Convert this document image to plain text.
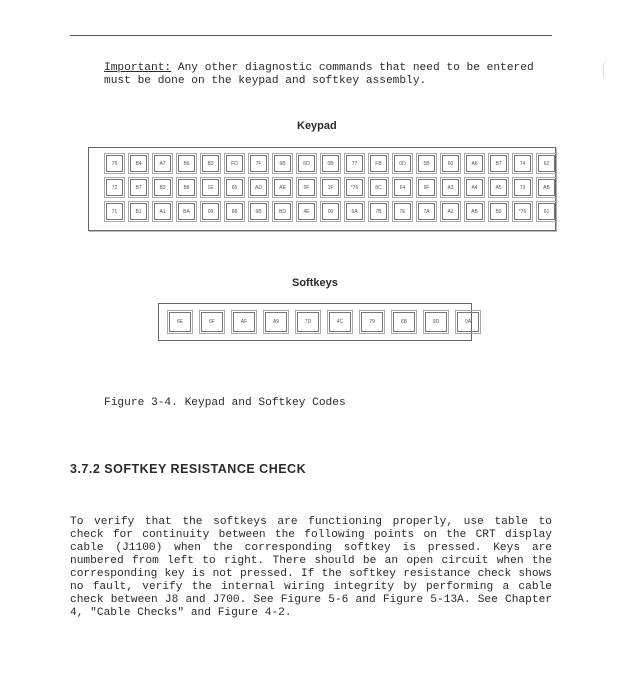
Important: Any other diagnostic commands that need to be entered must be done on the keypad and softkey assembly.
Keypad
75	B4	A7	B6	B3	FD	7F	6B	6D	0B	77	FB	0D	5B	60	A6	B7	74	62
72	B7	B3	B8	1E	65	AD	AE	0F	1F	*76	8C	64	9F	A3	A4	A5	73	AB
71	B1	A1	BA	09	88	6B	BD	4E	00	6A	7B	7E	7A	A2	AB	B9	*76	61
Softkeys
6E	6F	AF	A9	7D	4C	79	6B	9D	0A
Figure 3-4. Keypad and Softkey Codes
3.7.2 SOFTKEY RESISTANCE CHECK
To verify that the softkeys are functioning properly, use table to check for continuity between the following points on the CRT display cable (J1100) when the corresponding softkey is pressed. Keys are numbered from left to right. There should be an open circuit when the corresponding key is not pressed. If the softkey resistance check shows no fault, verify the internal wiring integrity by performing a cable check between J8 and J700. See Figure 5-6 and Figure 5-13A. See Chapter 4, "Cable Checks" and Figure 4-2.
